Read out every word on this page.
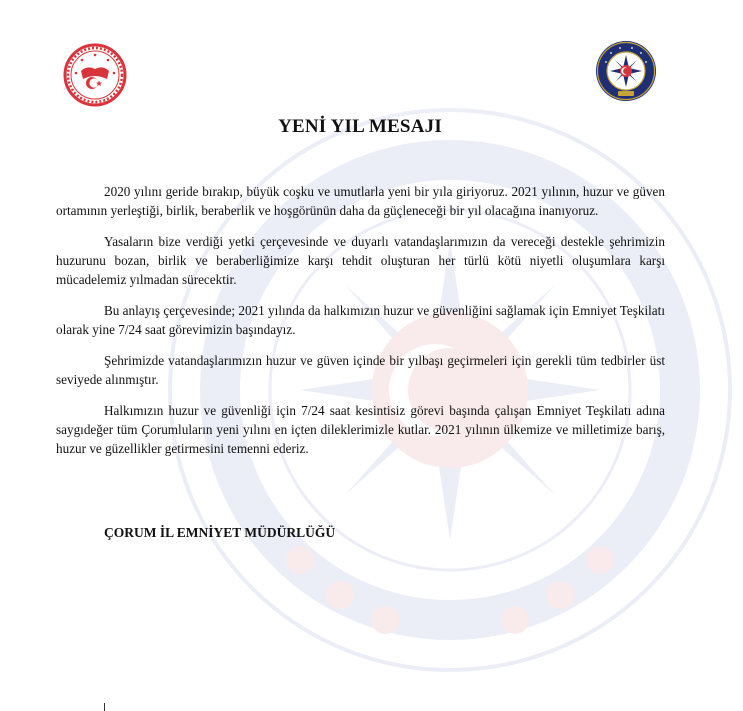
YENİ YIL MESAJI

2020 yılını geride bırakıp, büyük coşku ve umutlarla yeni bir yıla giriyoruz. 2021 yılının, huzur ve güven ortamının yerleştiği, birlik, beraberlik ve hoşgörünün daha da güçleneceği bir yıl olacağına inanıyoruz.

Yasaların bize verdiği yetki çerçevesinde ve duyarlı vatandaşlarımızın da vereceği destekle şehrimizin huzurunu bozan, birlik ve beraberliğimize karşı tehdit oluşturan her türlü kötü niyetli oluşumlara karşı mücadelemiz yılmadan sürecektir.

Bu anlayış çerçevesinde; 2021 yılında da halkımızın huzur ve güvenliğini sağlamak için Emniyet Teşkilatı olarak yine 7/24 saat görevimizin başındayız.

Şehrimizde vatandaşlarımızın huzur ve güven içinde bir yılbaşı geçirmeleri için gerekli tüm tedbirler üst seviyede alınmıştır.

Halkımızın huzur ve güvenliği için 7/24 saat kesintisiz görevi başında çalışan Emniyet Teşkilatı adına saygıdeğer tüm Çorumluların yeni yılını en içten dileklerimizle kutlar. 2021 yılının ülkemize ve milletimize barış, huzur ve güzellikler getirmesini temenni ederiz.

ÇORUM İL EMNİYET MÜDÜRLÜĞÜ
